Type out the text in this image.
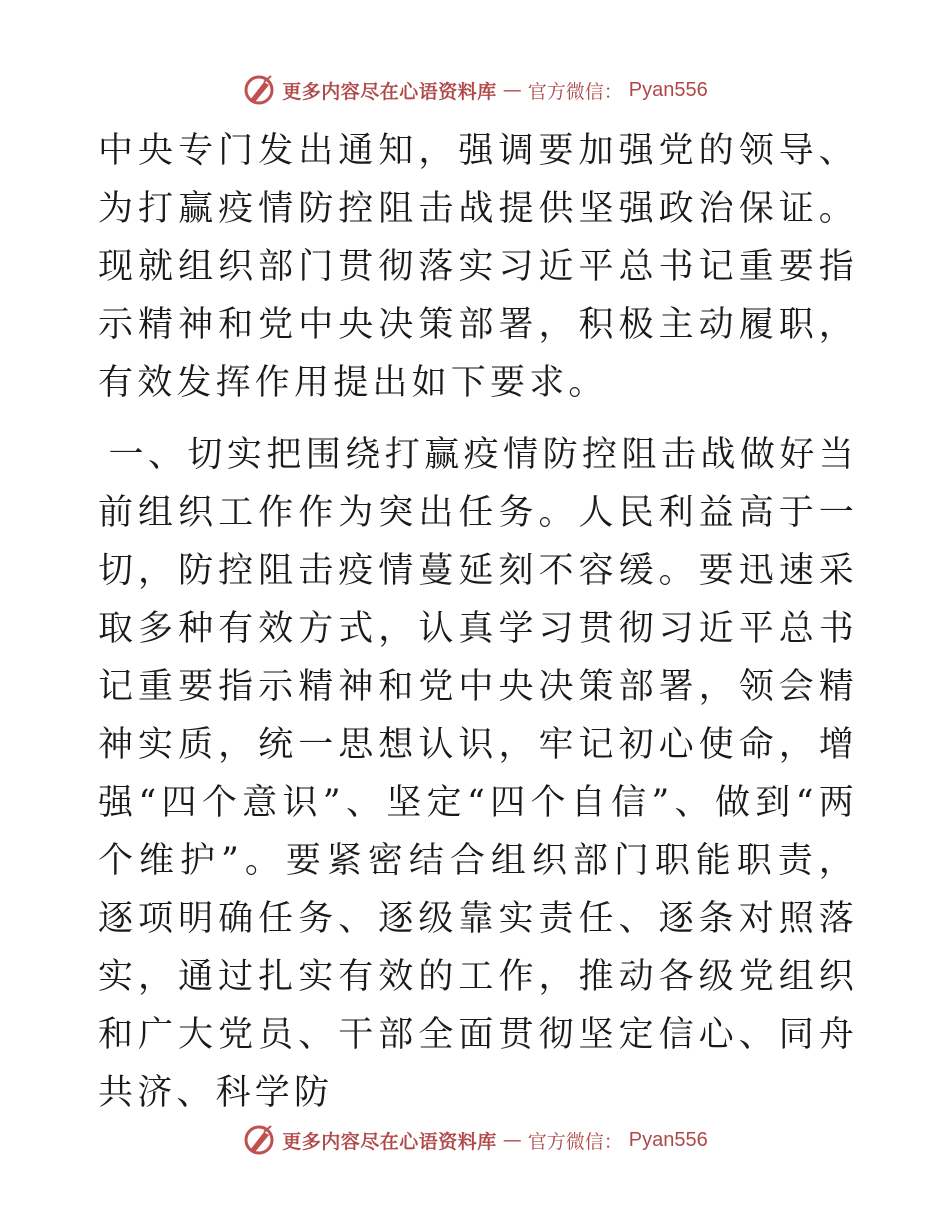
更多内容尽在心语资料库 — 官方微信： Pyan556

中央专门发出通知，强调要加强党的领导、为打赢疫情防控阻击战提供坚强政治保证。现就组织部门贯彻落实习近平总书记重要指示精神和党中央决策部署，积极主动履职，有效发挥作用提出如下要求。

一、切实把围绕打赢疫情防控阻击战做好当前组织工作作为突出任务。人民利益高于一切，防控阻击疫情蔓延刻不容缓。要迅速采取多种有效方式，认真学习贯彻习近平总书记重要指示精神和党中央决策部署，领会精神实质，统一思想认识，牢记初心使命，增强“四个意识”、坚定“四个自信”、做到“两个维护”。要紧密结合组织部门职能职责，逐项明确任务、逐级靠实责任、逐条对照落实，通过扎实有效的工作，推动各级党组织和广大党员、干部全面贯彻坚定信心、同舟共济、科学防

更多内容尽在心语资料库 — 官方微信： Pyan556
